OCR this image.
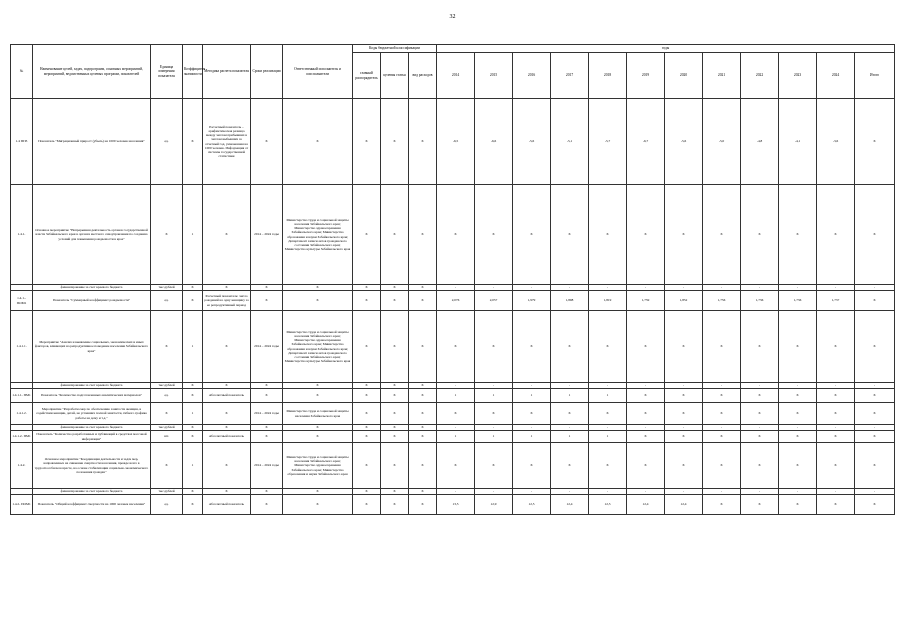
32
№	Наименование целей, задач, подпрограмм, основных мероприятий, мероприятий, ведомственных целевых программ, показателей	Единица измерения показателя	Коэффициент значимости	Методика расчета показателя	Сроки реализации	Ответственный исполнитель и соисполнители	Коды бюджетной классификации			годы											
							главный распорядитель	целевая статья	вид расходов	2014	2015	2016	2017	2018	2019	2020	2021	2022	2023	2024	Итого
1.4 ПП3	Показатель "Миграционный прирост (убыль) на 1000 человек населения"	ед.	X	Расчетный показатель – арифметическая разница между числом прибывших в числом выбывших за отчетный год, умноженная на 1000 человек. Информация от системы государственной статистики	X	X	X	X	X	-6,5	-6,6	-5,6	-5,1	-5,7	-6,7	-5,6	-5,0	-4,8	-4,1	-3,6	X
1.4.1.	Основное мероприятие "Непрерывная деятельность органов государственной власти Забайкальского края в органах местного самоуправления по созданию условий для повышения рождаемости в крае"	X	1	X	2014 – 2024 годы	Министерство труда и социальной защиты населения Забайкальского края; Министерство здравоохранения Забайкальского края; Министерство образования и науки Забайкальского края; Департамент записи актов гражданского состояния Забайкальского края; Министерство культуры Забайкальского края	X	X	X	X	X	X	X	X	X	X	X	X	X	X	X
	финансирование за счет краевого бюджета	тыс.рублей	X	X	X	X	X	X	X	-	-	-	-	-	-	-	-	-	-	-	-
1.4.1.- ПОМ1	Показатель "Суммарный коэффициент рождаемости"	ед.	X	Расчетный показатель: число рождений на одну женщину за ее репродуктивный период	X	X	X	X	X	2,076	2,057	1,979	1,898	1,819	1,759	1,852	1,756	1,736	1,736	1,737	X
1.4.1.1.	Мероприятие "Анализ и выявление социальных, экономических и иных факторов, влияющих на репродуктивное поведение населения Забайкальского края"	X	1	X	2014 – 2024 годы	Министерство труда и социальной защиты населения Забайкальского края; Министерство здравоохранения Забайкальского края; Министерство образования и науки Забайкальского края; Департамент записи актов гражданского состояния Забайкальского края; Министерство культуры Забайкальского края	X	X	X	X	X	X	X	X	X	X	X	X	X	X	X
	финансирование за счет краевого бюджета	тыс.рублей	X	X	X	X	X	X	X	-	-	-	-	-	-	-	-	-	-	-	-
1.4.1.1- ПМ1	Показатель "Количество подготовленных аналитических материалов"	ед.	X	Абсолютный показатель	X	X	X	X	X	1	1	1	1	1	X	X	X	X	X	X	X
1.4.1.2.	Мероприятие "Разработка мер по обеспечению занятости женщин, в содействии женщин, детей, не успевших полной занятости, гибкого графика работы на дому и т.д."	X	1	X	2014 – 2024 годы	Министерство труда и социальной защиты населения Забайкальского края	X	X	X	X	X	X	X	X	X	X	X	X	X	X	X
	финансирование за счет краевого бюджета	тыс.рублей	X	X	X	X	X	X	X	-	-	-	-	-	-	-	-	-	-	-	-
1.4.1.2- ПМ1	Показатель "Количество разработанных и публикаций в средствах массовой информации"	шт.	X	Абсолютный показатель	X	X	X	X	X	1	1	1	1	1	X	X	X	X	X	X	X
1.4.2.	Основное мероприятие "Координация деятельности и задач мер, направленных на снижение смертности населения, прежде всего в трудоспособном возрасте, на основе стабилизации социально-экономического положения граждан"	X	1	X	2014 – 2024 годы	Министерство труда и социальной защиты населения Забайкальского края; Министерство здравоохранения Забайкальского края; Министерство образования и науки Забайкальского края	X	X	X	X	X	X	X	X	X	X	X	X	X	X	X
	финансирование за счет краевого бюджета	тыс.рублей	X	X	X	X	X	X	X	-	-	-	-	-	-	-	-	-	-	-	-
1.4.2- ПОМ1	Показатель "Общий коэффициент смертности на 1000 человек населения"	ед.	X	Абсолютный показатель	X	X	X	X	X	13,5	12,9	12,5	12,4	12,3	12,4	12,4	X	X	X	X	X
